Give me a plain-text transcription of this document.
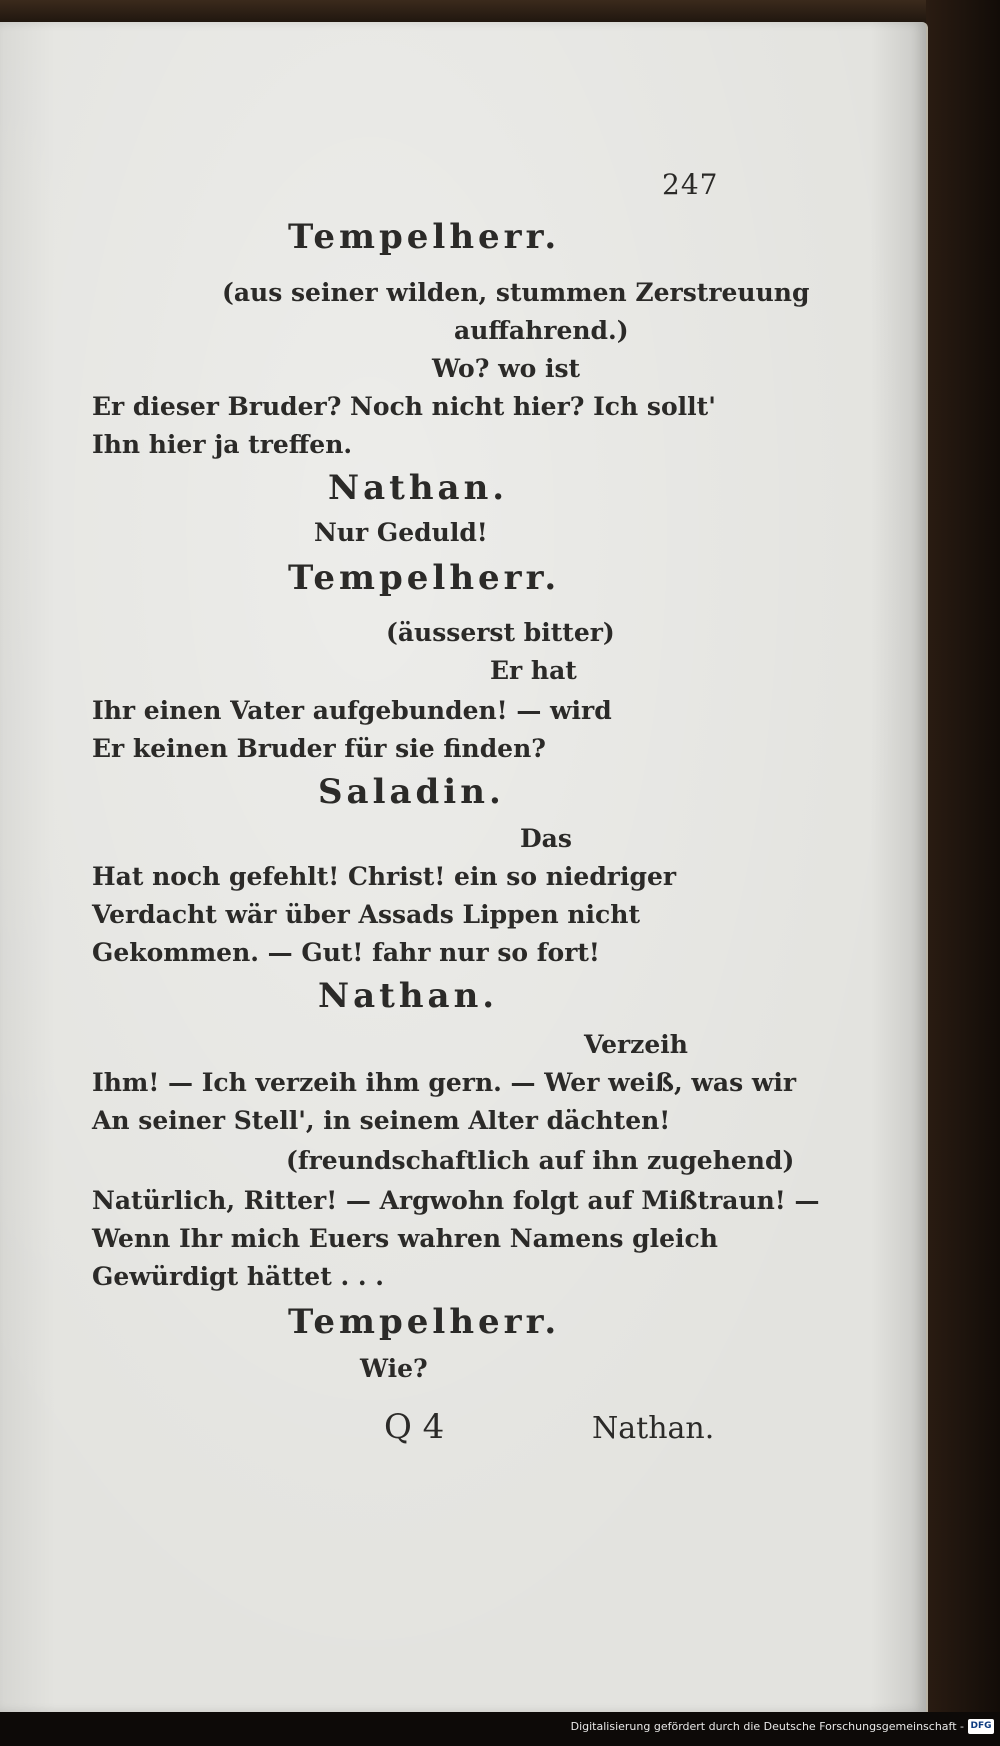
247

Tempelherr.

(aus seiner wilden, stummen Zerstreuung

auffahrend.)

Wo? wo ist

Er dieser Bruder? Noch nicht hier? Ich sollt'

Ihn hier ja treffen.

Nathan.

Nur Geduld!

Tempelherr.

(äusserst bitter)

Er hat

Ihr einen Vater aufgebunden! — wird

Er keinen Bruder für sie finden?

Saladin.

Das

Hat noch gefehlt! Christ! ein so niedriger

Verdacht wär über Assads Lippen nicht

Gekommen. — Gut! fahr nur so fort!

Nathan.

Verzeih

Ihm! — Ich verzeih ihm gern. — Wer weiß, was wir

An seiner Stell', in seinem Alter dächten!

(freundschaftlich auf ihn zugehend)

Natürlich, Ritter! — Argwohn folgt auf Mißtraun! —

Wenn Ihr mich Euers wahren Namens gleich

Gewürdigt hättet . . .

Tempelherr.

Wie?

Q 4	Nathan.

Digitalisierung gefördert durch die Deutsche Forschungsgemeinschaft - DFG
